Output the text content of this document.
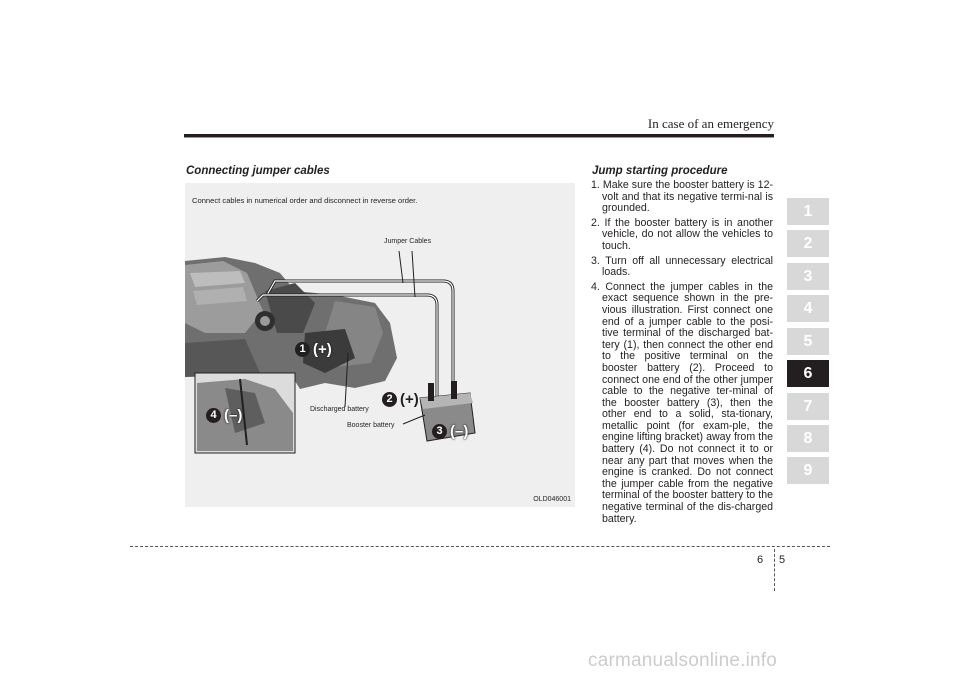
In case of an emergency
1
2
3
4
5
6
7
8
9
Connecting jumper cables
Connect cables in numerical order and disconnect in reverse order.
Jumper Cables
Discharged battery
Booster battery
1 (+)
2 (+)
3 (–)
4 (–)
OLD046001
Jump starting procedure
1. Make sure the booster battery is 12-volt and that its negative termi-nal is grounded.
2. If the booster battery is in another vehicle, do not allow the vehicles to touch.
3. Turn off all unnecessary electrical loads.
4. Connect the jumper cables in the exact sequence shown in the pre-vious illustration. First connect one end of a jumper cable to the posi-tive terminal of the discharged bat-tery (1), then connect the other end to the positive terminal on the booster battery (2). Proceed to connect one end of the other jumper cable to the negative ter-minal of the booster battery (3), then the other end to a solid, sta-tionary, metallic point (for exam-ple, the engine lifting bracket) away from the battery (4). Do not connect it to or near any part that moves when the engine is cranked. Do not connect the jumper cable from the negative terminal of the booster battery to the negative terminal of the dis-charged battery.
6 5
carmanualsonline.info
